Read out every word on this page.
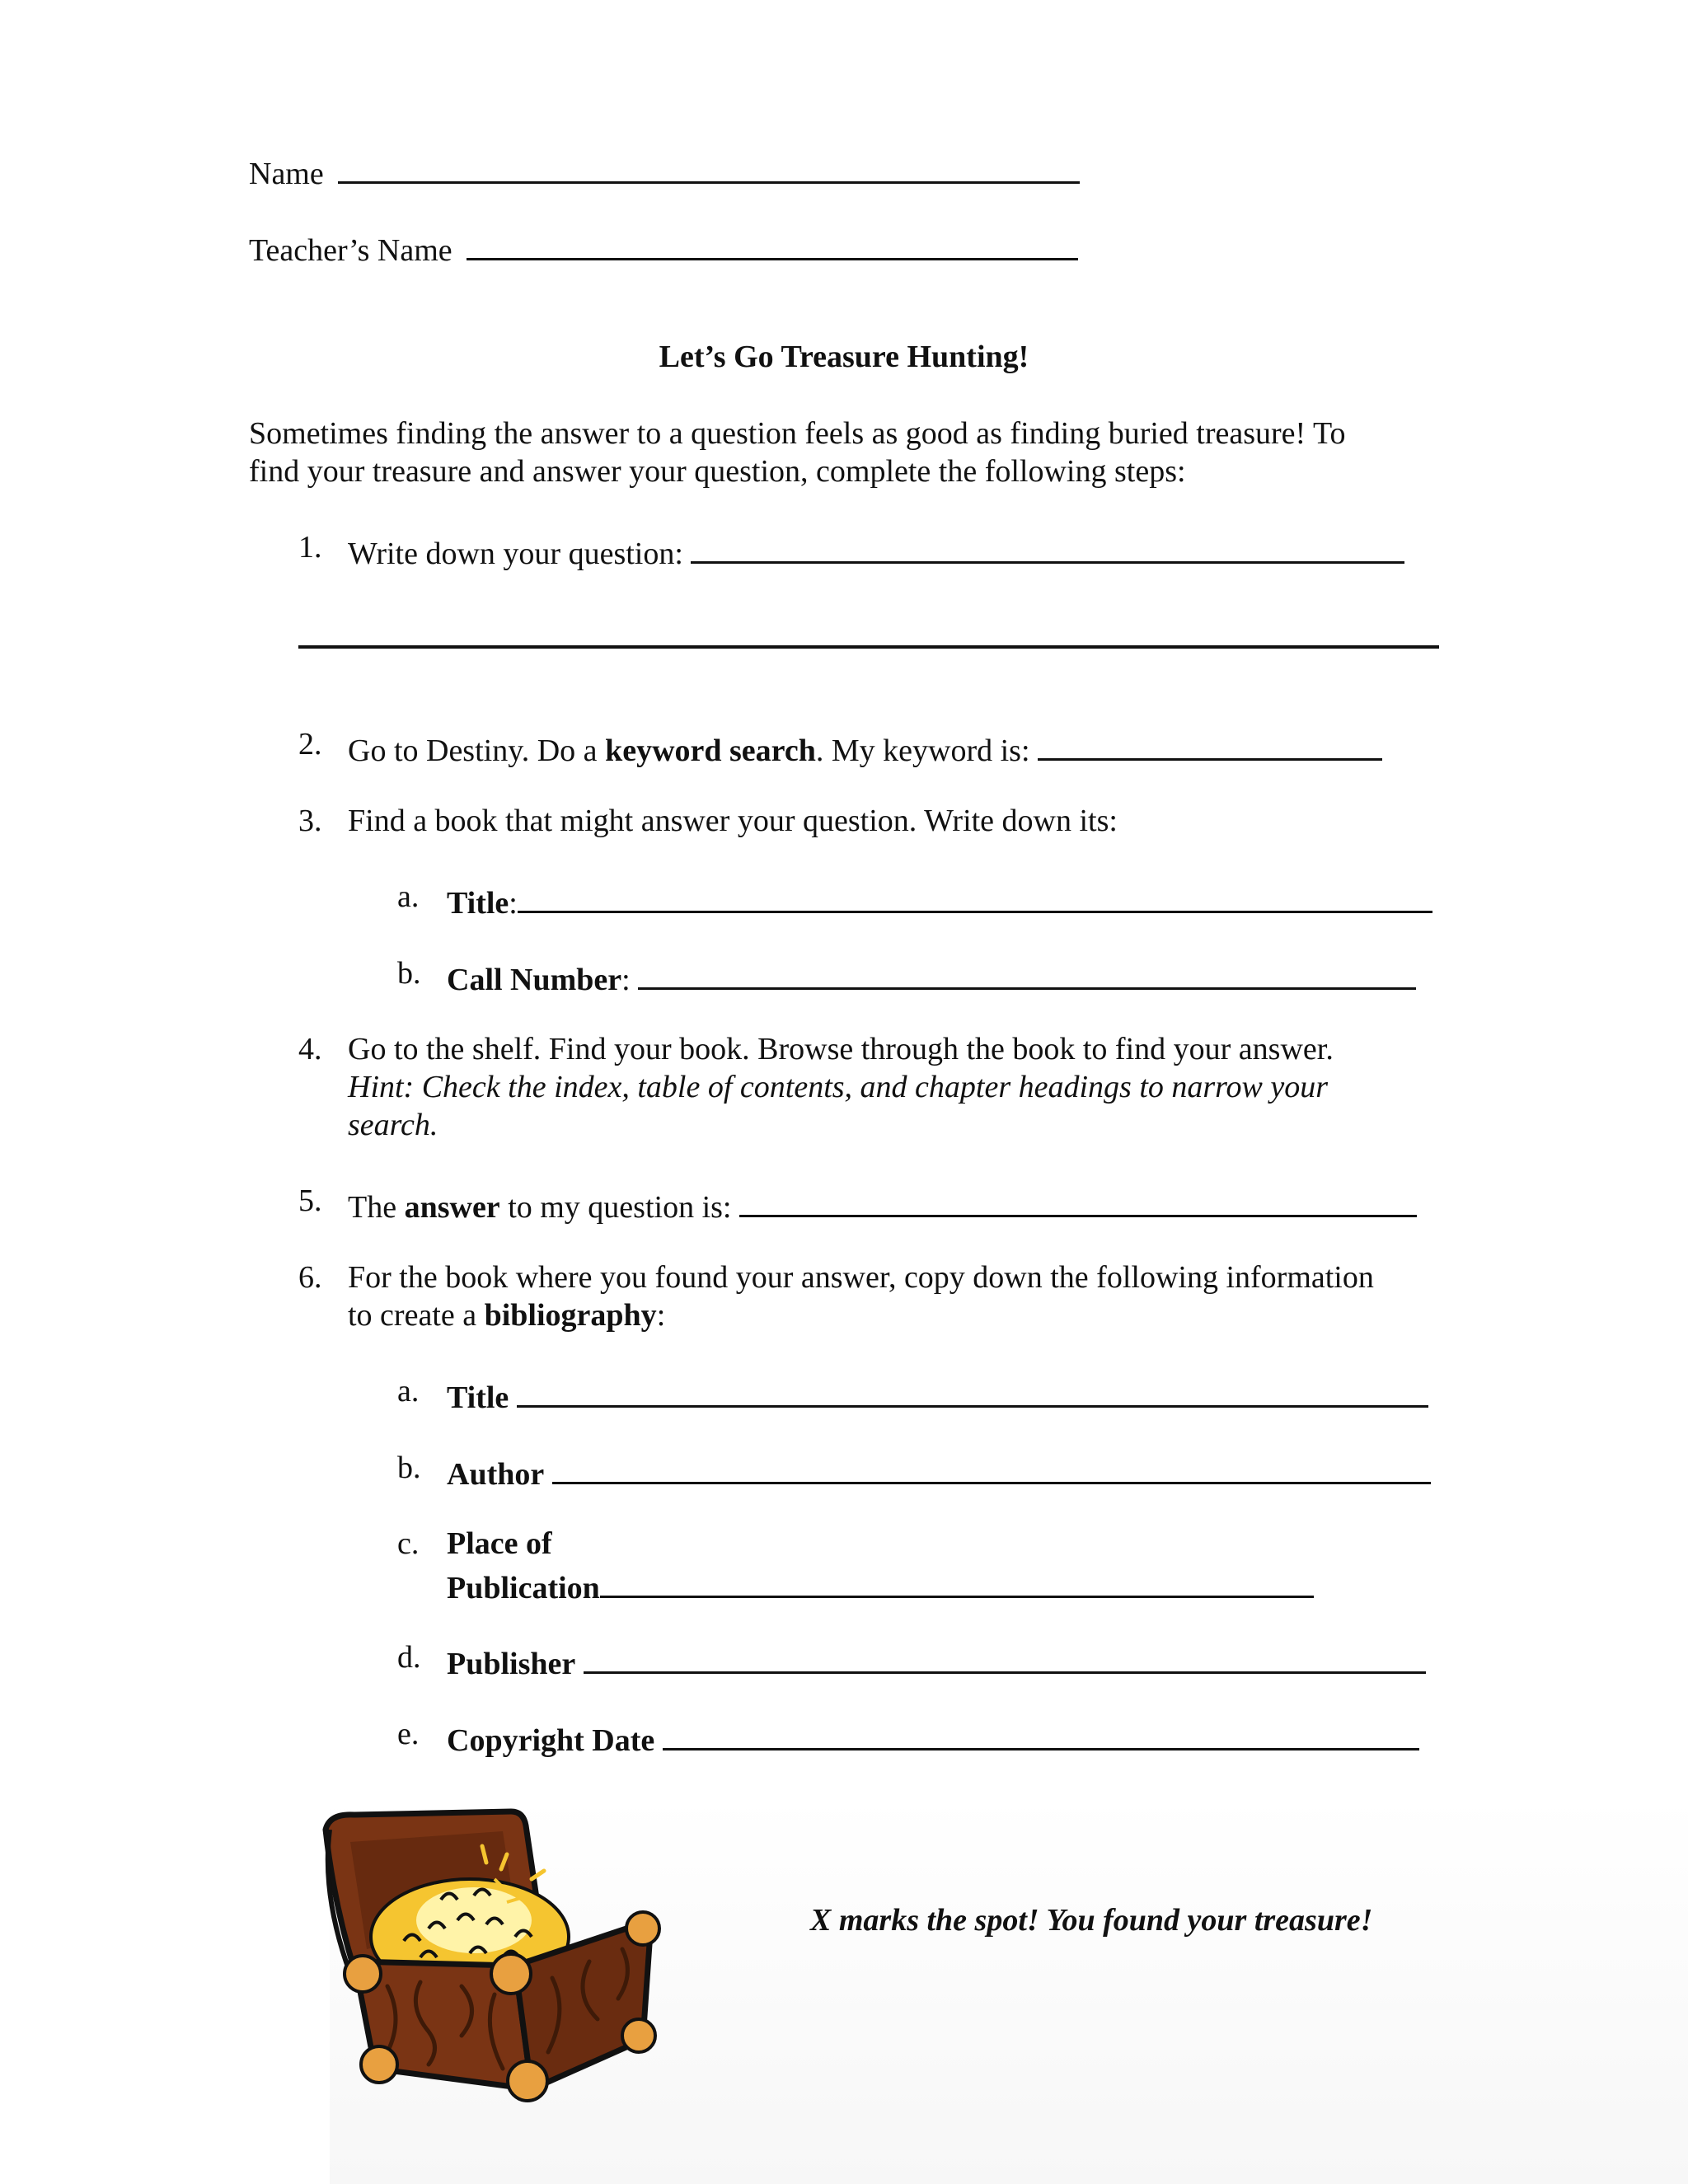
Name
Teacher’s Name
Let’s Go Treasure Hunting!
Sometimes finding the answer to a question feels as good as finding buried treasure! To
find your treasure and answer your question, complete the following steps:
1. Write down your question:
2. Go to Destiny. Do a keyword search. My keyword is:
3. Find a book that might answer your question. Write down its:
a. Title:
b. Call Number:
4. Go to the shelf. Find your book. Browse through the book to find your answer.
Hint: Check the index, table of contents, and chapter headings to narrow your
search.
5. The answer to my question is:
6. For the book where you found your answer, copy down the following information
to create a bibliography:
a. Title
b. Author
c. Place of
Publication
d. Publisher
e. Copyright Date
X marks the spot! You found your treasure!
